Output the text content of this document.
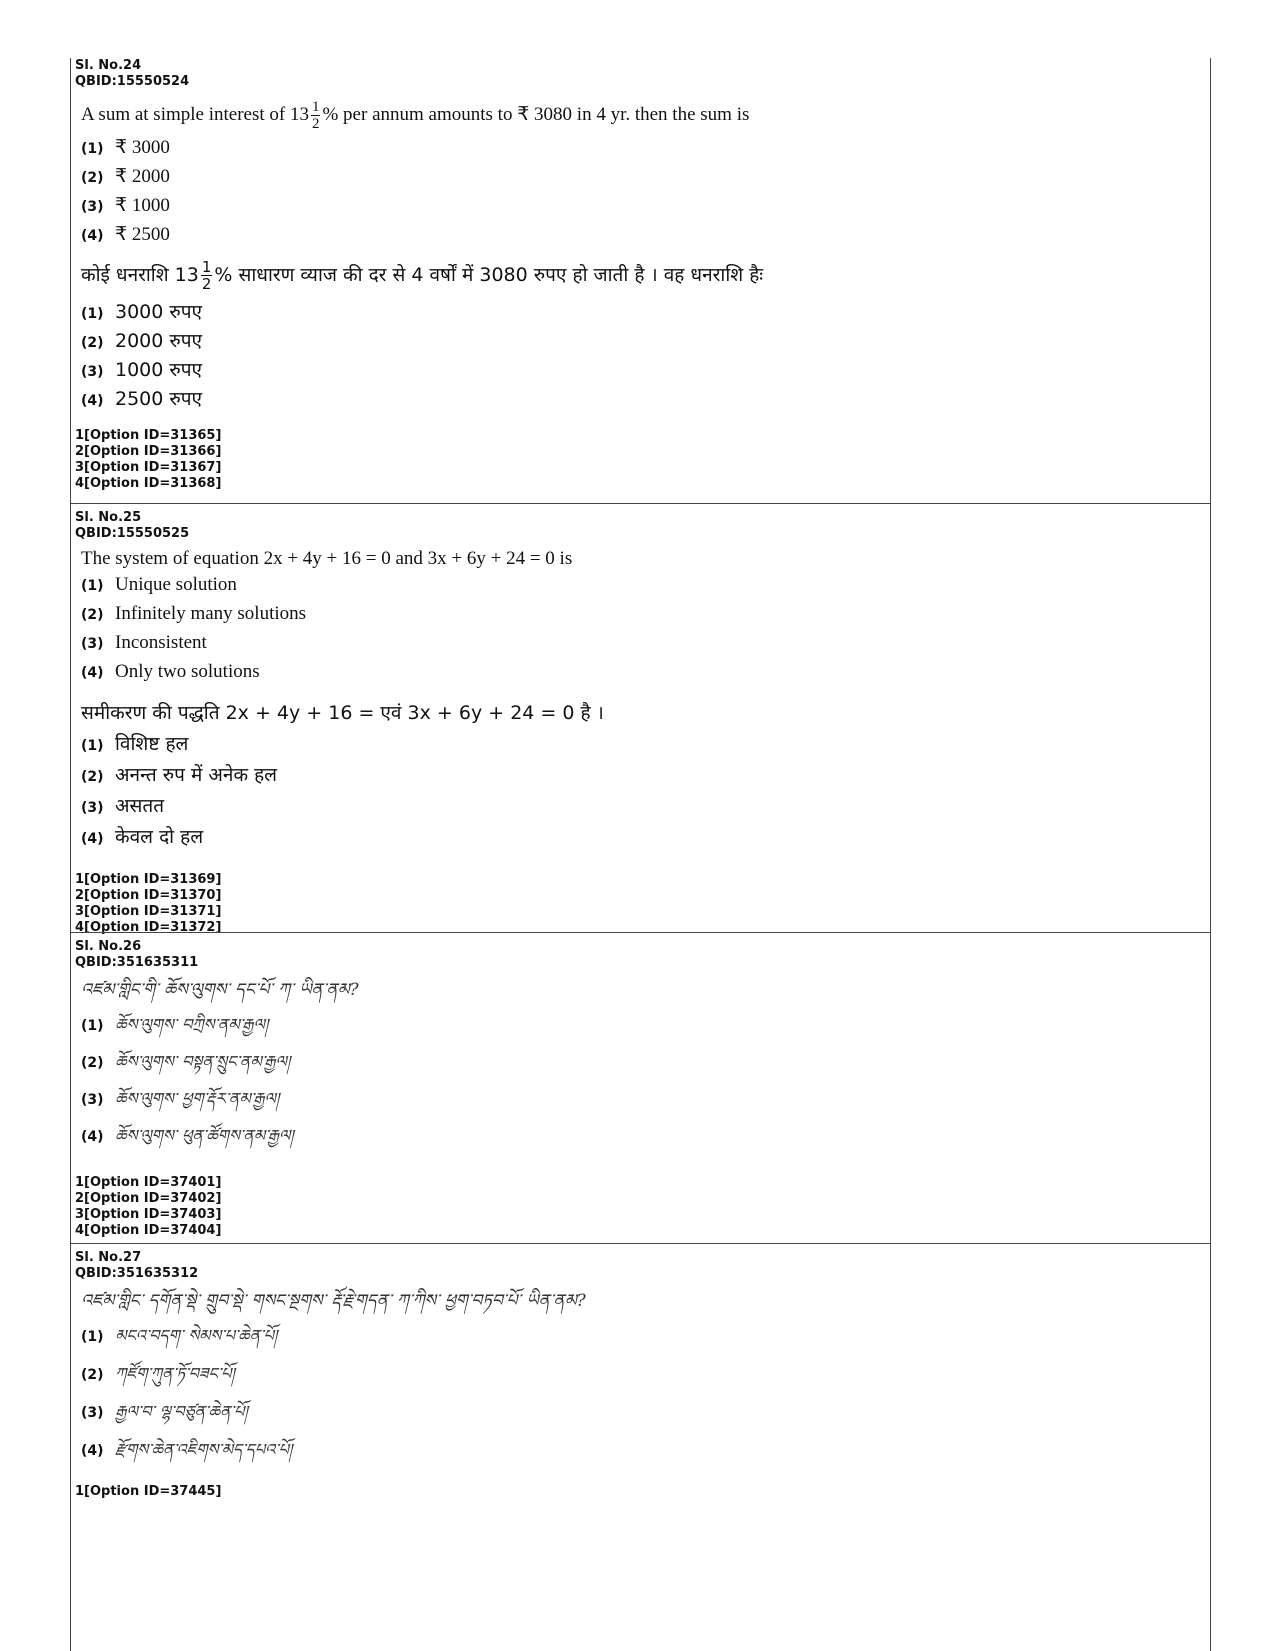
Sl. No.24
QBID:15550524
A sum at simple interest of $13 \frac{1}{2}$ % per annum amounts to ₹ 3080 in 4 yr. then the sum is
(1) ₹ 3000
(2) ₹ 2000
(3) ₹ 1000
(4) ₹ 2500
कोई धनराशि $13 \frac{1}{2}$ % साधारण व्याज की दर से 4 वर्षों में 3080 रुपए हो जाती है । वह धनराशि हैः
(1) 3000 रुपए
(2) 2000 रुपए
(3) 1000 रुपए
(4) 2500 रुपए
1[Option ID=31365]
2[Option ID=31366]
3[Option ID=31367]
4[Option ID=31368]
Sl. No.25
QBID:15550525
The system of equation 2x + 4y + 16 = 0 and 3x + 6y + 24 = 0 is
(1) Unique solution
(2) Infinitely many solutions
(3) Inconsistent
(4) Only two solutions
समीकरण की पद्धति 2x + 4y + 16 = एवं 3x + 6y + 24 = 0 है ।
(1) विशिष्ट हल
(2) अनन्त रुप में अनेक हल
(3) असतत
(4) केवल दो हल
1[Option ID=31369]
2[Option ID=31370]
3[Option ID=31371]
4[Option ID=31372]
Sl. No.26
QBID:351635311
འཛམ་གླིང་གི་ ཆོས་ལུགས་ དང་པོ་ ཀ་ ཡིན་ནམ?
(1) ཆོས་ལུགས་ བཀྲིས་ནམ་རྒྱལ།
(2) ཆོས་ལུགས་ བསྟན་སྲུང་ནམ་རྒྱལ།
(3) ཆོས་ལུགས་ ཕྱག་རྡོར་ནམ་རྒྱལ།
(4) ཆོས་ལུགས་ ཕུན་ཚོགས་ནམ་རྒྱལ།
1[Option ID=37401]
2[Option ID=37402]
3[Option ID=37403]
4[Option ID=37404]
Sl. No.27
QBID:351635312
འཛམ་གླིང་ དགོན་སྡེ་ གྲུབ་སྡེ་ གསང་སྔགས་ རྡོ་རྗེ་གདན་ ཀ་ཀིས་ ཕྱག་བཏབ་པོ་ ཡིན་ནམ?
(1) མངའ་བདག་ སེམས་པ་ཆེན་པོ།
(2) ཀཛོག་ཀུན་ཏོ་བཟང་པོ།
(3) རྒྱལ་བ་ ལྷ་བཙུན་ཆེན་པོ།
(4) རྫོགས་ཆེན་འཇིགས་མེད་དཔའ་པོ།
1[Option ID=37445]
